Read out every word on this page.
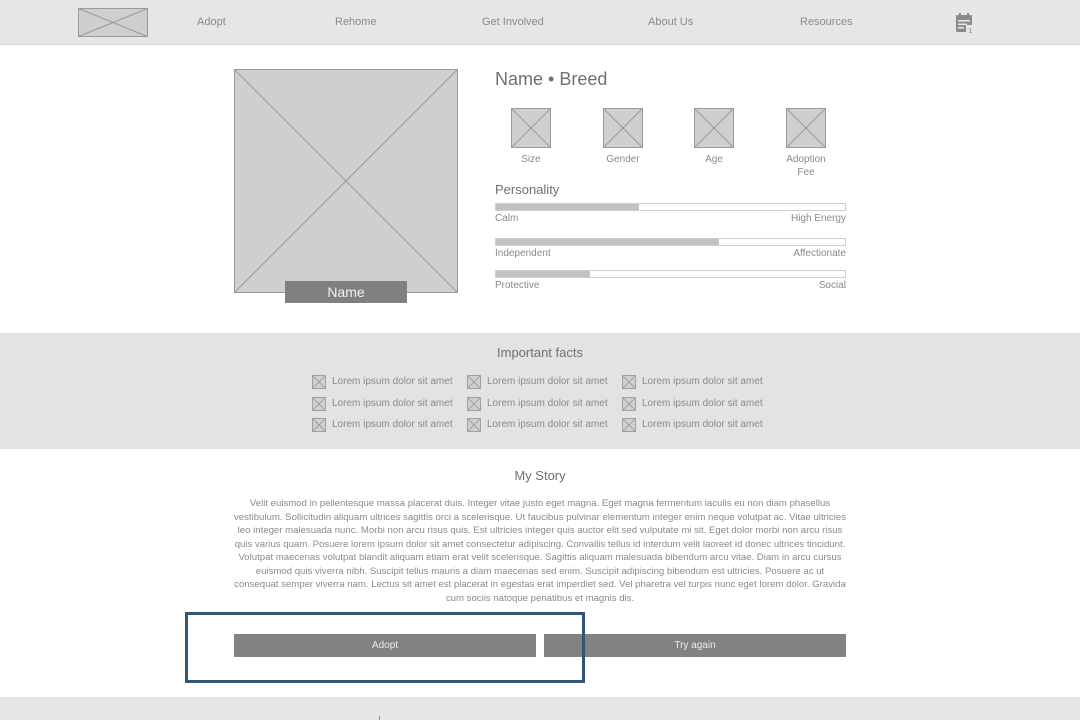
Adopt	Rehome	Get Involved	About Us	Resources
1
Name
Name • Breed
Size	Gender	Age	Adoption Fee
Personality
Calm	High Energy
Independent	Affectionate
Protective	Social
Important facts
Lorem ipsum dolor sit amet	Lorem ipsum dolor sit amet	Lorem ipsum dolor sit amet
Lorem ipsum dolor sit amet	Lorem ipsum dolor sit amet	Lorem ipsum dolor sit amet
Lorem ipsum dolor sit amet	Lorem ipsum dolor sit amet	Lorem ipsum dolor sit amet
My Story

Velit euismod in pellentesque massa placerat duis. Integer vitae justo eget magna. Eget magna fermentum iaculis eu non diam phasellus vestibulum. Sollicitudin aliquam ultrices sagittis orci a scelerisque. Ut faucibus pulvinar elementum integer enim neque volutpat ac. Vitae ultricies leo integer malesuada nunc. Morbi non arcu risus quis. Est ultricies integer quis auctor elit sed vulputate mi sit. Eget dolor morbi non arcu risus quis varius quam. Posuere lorem ipsum dolor sit amet consectetur adipiscing. Convallis tellus id interdum velit laoreet id donec ultrices tincidunt. Volutpat maecenas volutpat blandit aliquam etiam erat velit scelerisque. Sagittis aliquam malesuada bibendum arcu vitae. Diam in arcu cursus euismod quis viverra nibh. Suscipit tellus mauris a diam maecenas sed enim. Suscipit adipiscing bibendum est ultricies. Posuere ac ut consequat semper viverra nam. Lectus sit amet est placerat in egestas erat imperdiet sed. Vel pharetra vel turpis nunc eget lorem dolor. Gravida cum sociis natoque penatibus et magnis dis.

Adopt	Try again
